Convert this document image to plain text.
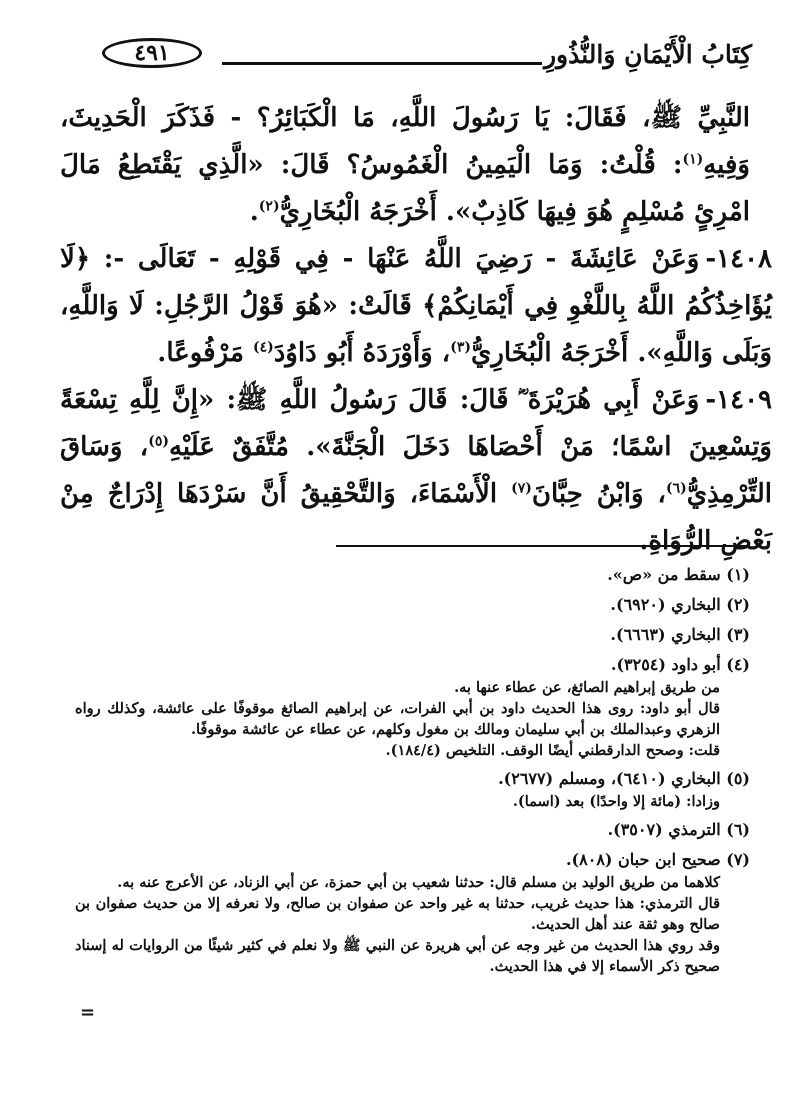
كِتَابُ الْأَيْمَانِ وَالنُّذُورِ
٤٩١

النَّبِيِّ ﷺ، فَقَالَ: يَا رَسُولَ اللَّهِ، مَا الْكَبَائِرُ؟ - فَذَكَرَ الْحَدِيثَ، وَفِيهِ$^{(١)}$: قُلْتُ: وَمَا الْيَمِينُ الْغَمُوسُ؟ قَالَ: «الَّذِي يَقْتَطِعُ مَالَ امْرِئٍ مُسْلِمٍ هُوَ فِيهَا كَاذِبٌ». أَخْرَجَهُ الْبُخَارِيُّ$^{(٢)}$.

١٤٠٨-وَعَنْ عَائِشَةَ - رَضِيَ اللَّهُ عَنْهَا - فِي قَوْلِهِ - تَعَالَى -: ﴿لَا يُؤَاخِذُكُمُ اللَّهُ بِاللَّغْوِ فِي أَيْمَانِكُمْ﴾ قَالَتْ: «هُوَ قَوْلُ الرَّجُلِ: لَا وَاللَّهِ، وَبَلَى وَاللَّهِ». أَخْرَجَهُ الْبُخَارِيُّ$^{(٣)}$، وَأَوْرَدَهُ أَبُو دَاوُدَ$^{(٤)}$ مَرْفُوعًا.

١٤٠٩-وَعَنْ أَبِي هُرَيْرَةَ ؓ قَالَ: قَالَ رَسُولُ اللَّهِ ﷺ: «إِنَّ لِلَّهِ تِسْعَةً وَتِسْعِينَ اسْمًا؛ مَنْ أَحْصَاهَا دَخَلَ الْجَنَّةَ». مُتَّفَقٌ عَلَيْهِ$^{(٥)}$، وَسَاقَ التِّرْمِذِيُّ$^{(٦)}$، وَابْنُ حِبَّانَ$^{(٧)}$ الْأَسْمَاءَ، وَالتَّحْقِيقُ أَنَّ سَرْدَهَا إِدْرَاجٌ مِنْ بَعْضِ الرُّوَاةِ.

(١) سقط من «ص».
(٢) البخاري (٦٩٢٠).
(٣) البخاري (٦٦٦٣).
(٤) أبو داود (٣٢٥٤).
من طريق إبراهيم الصائغ، عن عطاء عنها به.
قال أبو داود: روى هذا الحديث داود بن أبي الفرات، عن إبراهيم الصائغ موقوفًا على عائشة، وكذلك رواه الزهري وعبدالملك بن أبي سليمان ومالك بن مغول وكلهم، عن عطاء عن عائشة موقوفًا.
قلت: وصحح الدارقطني أيضًا الوقف. التلخيص (١٨٤/٤).
(٥) البخاري (٦٤١٠)، ومسلم (٢٦٧٧).
وزادا: (مائة إلا واحدًا) بعد (اسما).
(٦) الترمذي (٣٥٠٧).
(٧) صحيح ابن حبان (٨٠٨).
كلاهما من طريق الوليد بن مسلم قال: حدثنا شعيب بن أبي حمزة، عن أبي الزناد، عن الأعرج عنه به.
قال الترمذي: هذا حديث غريب، حدثنا به غير واحد عن صفوان بن صالح، ولا نعرفه إلا من حديث صفوان بن صالح وهو ثقة عند أهل الحديث.
وقد روي هذا الحديث من غير وجه عن أبي هريرة عن النبي ﷺ ولا نعلم في كثير شيئًا من الروايات له إسناد صحيح ذكر الأسماء إلا في هذا الحديث.
=
